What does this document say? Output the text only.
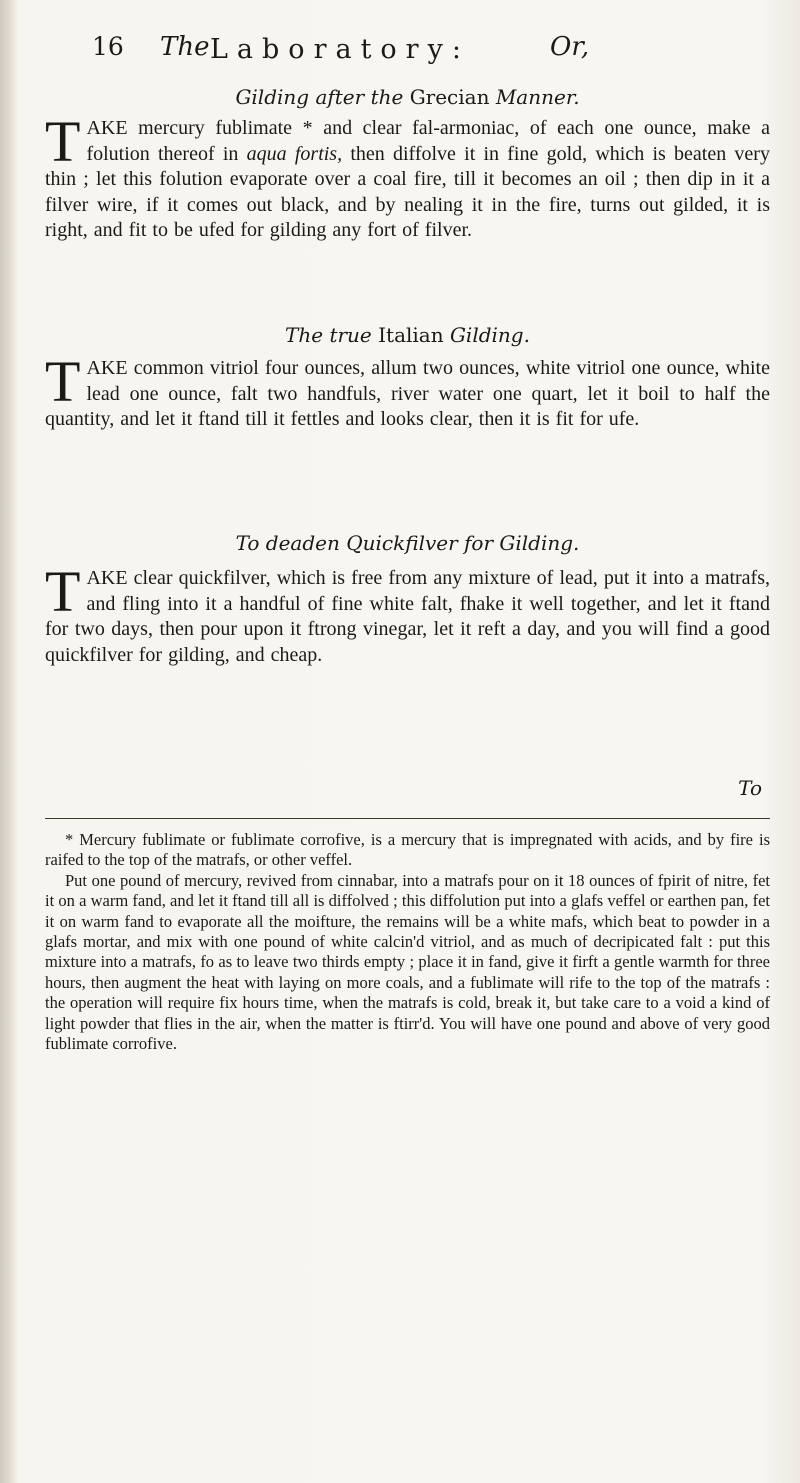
16 The Laboratory:	Or,
Gilding after the Grecian Manner.
TAKE mercury fublimate * and clear fal-armoniac, of each one ounce, make a folution thereof in aqua fortis, then diffolve it in fine gold, which is beaten very thin ; let this folution evaporate over a coal fire, till it becomes an oil ; then dip in it a filver wire, if it comes out black, and by nealing it in the fire, turns out gilded, it is right, and fit to be ufed for gilding any fort of filver.
The true Italian Gilding.
TAKE common vitriol four ounces, allum two ounces, white vitriol one ounce, white lead one ounce, falt two handfuls, river water one quart, let it boil to half the quantity, and let it ftand till it fettles and looks clear, then it is fit for ufe.
To deaden Quickfilver for Gilding.
TAKE clear quickfilver, which is free from any mixture of lead, put it into a matrafs, and fling into it a handful of fine white falt, fhake it well together, and let it ftand for two days, then pour upon it ftrong vinegar, let it reft a day, and you will find a good quickfilver for gilding, and cheap.
To

* Mercury fublimate or fublimate corrofive, is a mercury that is impregnated with acids, and by fire is raifed to the top of the matrafs, or other veffel.

Put one pound of mercury, revived from cinnabar, into a matrafs pour on it 18 ounces of fpirit of nitre, fet it on a warm fand, and let it ftand till all is diffolved ; this diffolution put into a glafs veffel or earthen pan, fet it on warm fand to evaporate all the moifture, the remains will be a white mafs, which beat to powder in a glafs mortar, and mix with one pound of white calcin'd vitriol, and as much of decripicated falt : put this mixture into a matrafs, fo as to leave two thirds empty ; place it in fand, give it firft a gentle warmth for three hours, then augment the heat with laying on more coals, and a fublimate will rife to the top of the matrafs : the operation will require fix hours time, when the matrafs is cold, break it, but take care to a void a kind of light powder that flies in the air, when the matter is ftirr'd. You will have one pound and above of very good fublimate corrofive.
